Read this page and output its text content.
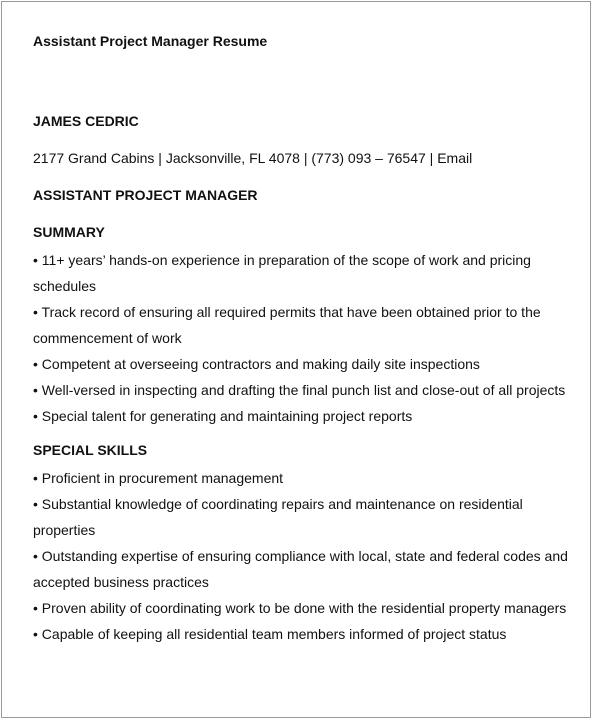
Assistant Project Manager Resume

JAMES CEDRIC

2177 Grand Cabins | Jacksonville, FL 4078 | (773) 093 – 76547 | Email

ASSISTANT PROJECT MANAGER

SUMMARY

• 11+ years’ hands-on experience in preparation of the scope of work and pricing schedules
• Track record of ensuring all required permits that have been obtained prior to the commencement of work
• Competent at overseeing contractors and making daily site inspections
• Well-versed in inspecting and drafting the final punch list and close-out of all projects
• Special talent for generating and maintaining project reports

SPECIAL SKILLS

• Proficient in procurement management
• Substantial knowledge of coordinating repairs and maintenance on residential properties
• Outstanding expertise of ensuring compliance with local, state and federal codes and accepted business practices
• Proven ability of coordinating work to be done with the residential property managers
• Capable of keeping all residential team members informed of project status
